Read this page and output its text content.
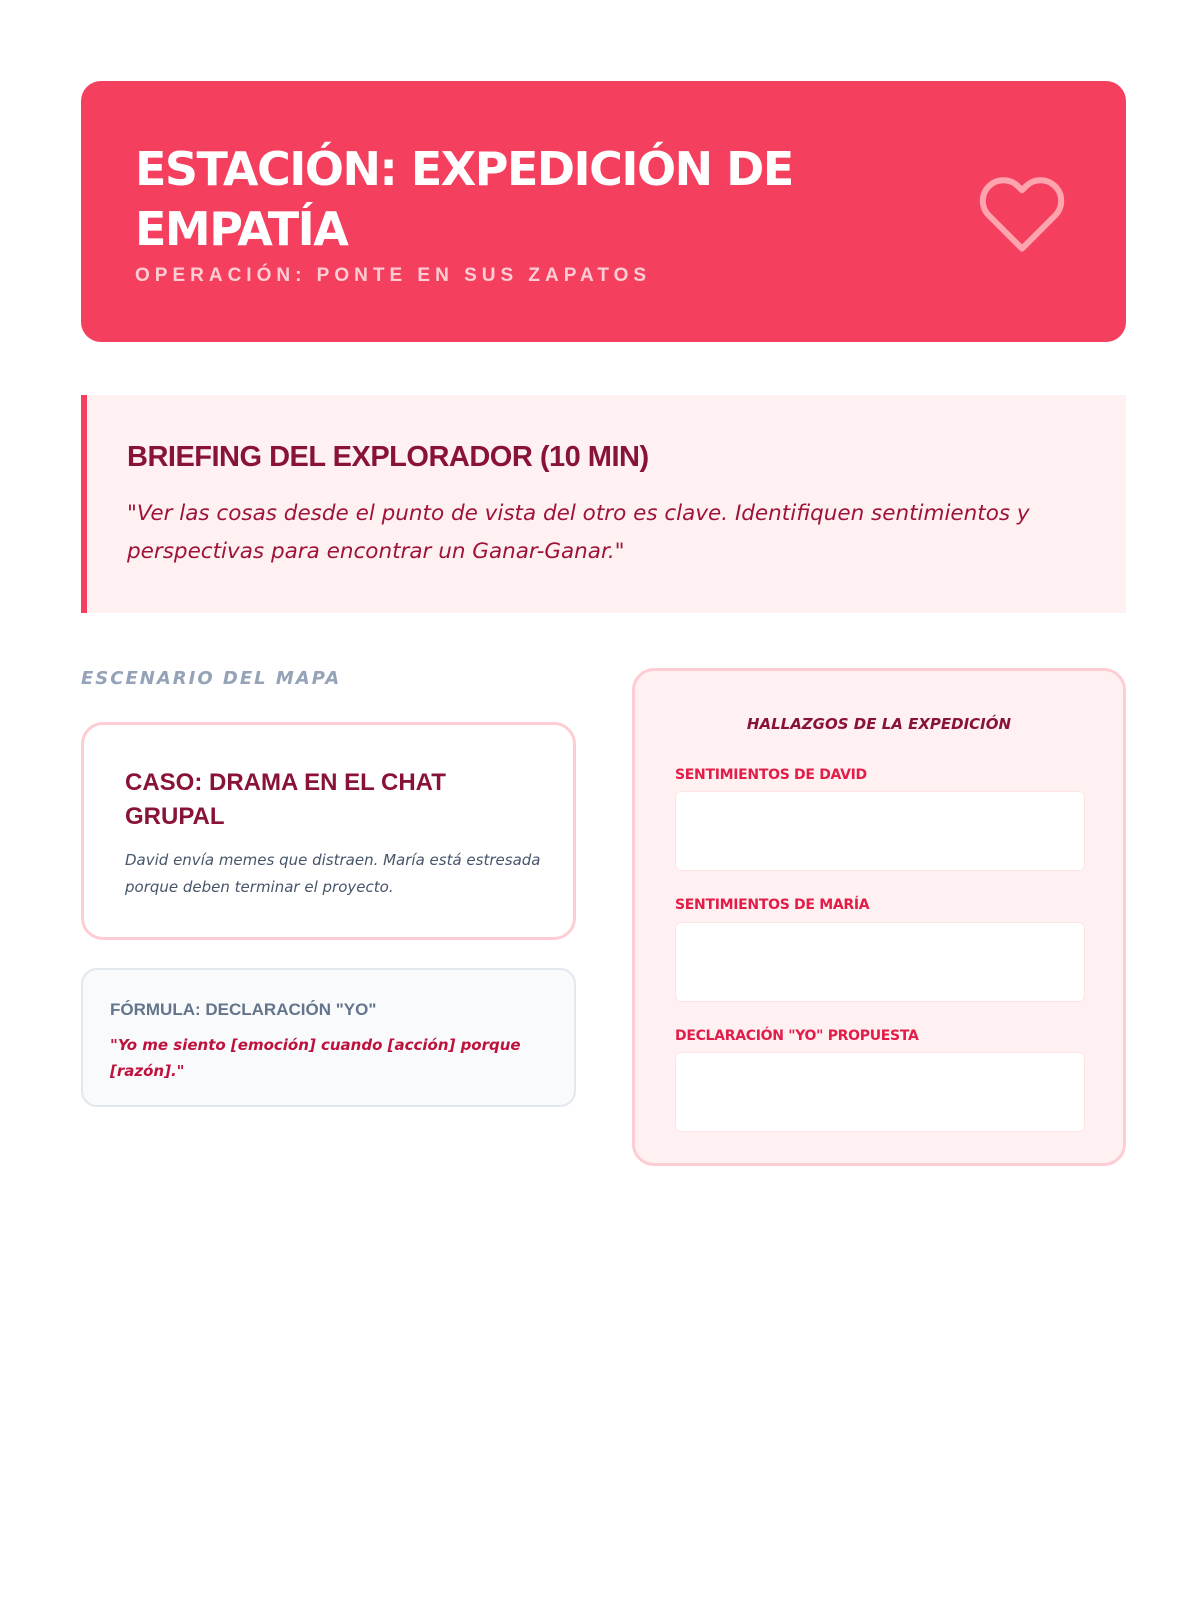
ESTACIÓN: EXPEDICIÓN DE EMPATÍA
OPERACIÓN: PONTE EN SUS ZAPATOS
BRIEFING DEL EXPLORADOR (10 MIN)

"Ver las cosas desde el punto de vista del otro es clave. Identifiquen sentimientos y perspectivas para encontrar un Ganar-Ganar."

ESCENARIO DEL MAPA
CASO: DRAMA EN EL CHAT GRUPAL

David envía memes que distraen. María está estresada porque deben terminar el proyecto.

FÓRMULA: DECLARACIÓN "YO"
"Yo me siento [emoción] cuando [acción] porque [razón]."
HALLAZGOS DE LA EXPEDICIÓN
SENTIMIENTOS DE DAVID
SENTIMIENTOS DE MARÍA
DECLARACIÓN "YO" PROPUESTA
